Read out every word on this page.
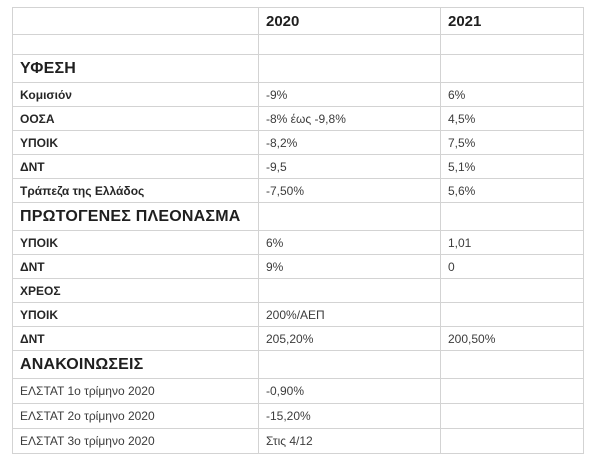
	2020	2021

ΥΦΕΣΗ		
Κομισιόν	-9%	6%
ΟΟΣΑ	-8% έως -9,8%	4,5%
ΥΠΟΙΚ	-8,2%	7,5%
ΔΝΤ	-9,5	5,1%
Τράπεζα της Ελλάδος	-7,50%	5,6%
ΠΡΩΤΟΓΕΝΕΣ ΠΛΕΟΝΑΣΜΑ		
ΥΠΟΙΚ	6%	1,01
ΔΝΤ	9%	0
ΧΡΕΟΣ		
ΥΠΟΙΚ	200%/ΑΕΠ	
ΔΝΤ	205,20%	200,50%
ΑΝΑΚΟΙΝΩΣΕΙΣ		
ΕΛΣΤΑΤ 1ο τρίμηνο 2020	-0,90%	
ΕΛΣΤΑΤ 2ο τρίμηνο 2020	-15,20%	
ΕΛΣΤΑΤ 3ο τρίμηνο 2020	Στις 4/12	
